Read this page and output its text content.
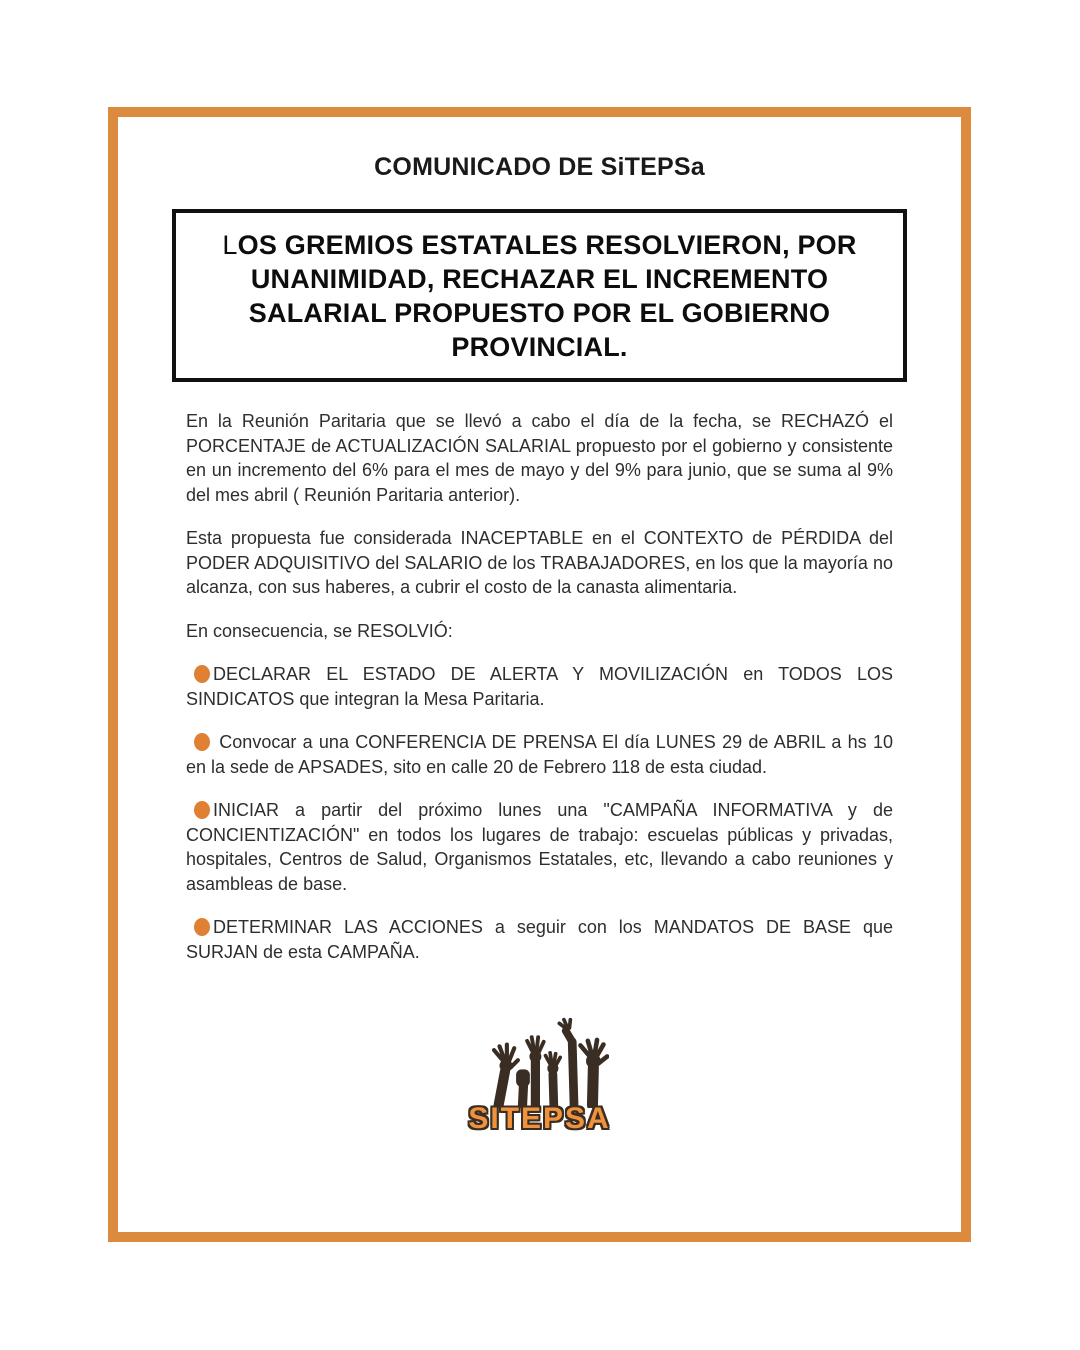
COMUNICADO DE SiTEPSa
LOS GREMIOS ESTATALES RESOLVIERON, POR UNANIMIDAD, RECHAZAR EL INCREMENTO SALARIAL PROPUESTO POR EL GOBIERNO PROVINCIAL.

En la Reunión Paritaria que se llevó a cabo el día de la fecha, se RECHAZÓ el PORCENTAJE de ACTUALIZACIÓN SALARIAL propuesto por el gobierno y consistente en un incremento del 6% para el mes de mayo y del 9% para junio, que se suma al 9% del mes abril ( Reunión Paritaria anterior).

Esta propuesta fue considerada INACEPTABLE en el CONTEXTO de PÉRDIDA del PODER ADQUISITIVO del SALARIO de los TRABAJADORES, en los que la mayoría no alcanza, con sus haberes, a cubrir el costo de la canasta alimentaria.

En consecuencia, se RESOLVIÓ:

DECLARAR EL ESTADO DE ALERTA Y MOVILIZACIÓN en TODOS LOS SINDICATOS que integran la Mesa Paritaria.

Convocar a una CONFERENCIA DE PRENSA El día LUNES 29 de ABRIL a hs 10 en la sede de APSADES, sito en calle 20 de Febrero 118 de esta ciudad.

INICIAR a partir del próximo lunes una "CAMPAÑA INFORMATIVA y de CONCIENTIZACIÓN" en todos los lugares de trabajo: escuelas públicas y privadas, hospitales, Centros de Salud, Organismos Estatales, etc, llevando a cabo reuniones y asambleas de base.

DETERMINAR LAS ACCIONES a seguir con los MANDATOS DE BASE que SURJAN de esta CAMPAÑA.

SITEPSA
